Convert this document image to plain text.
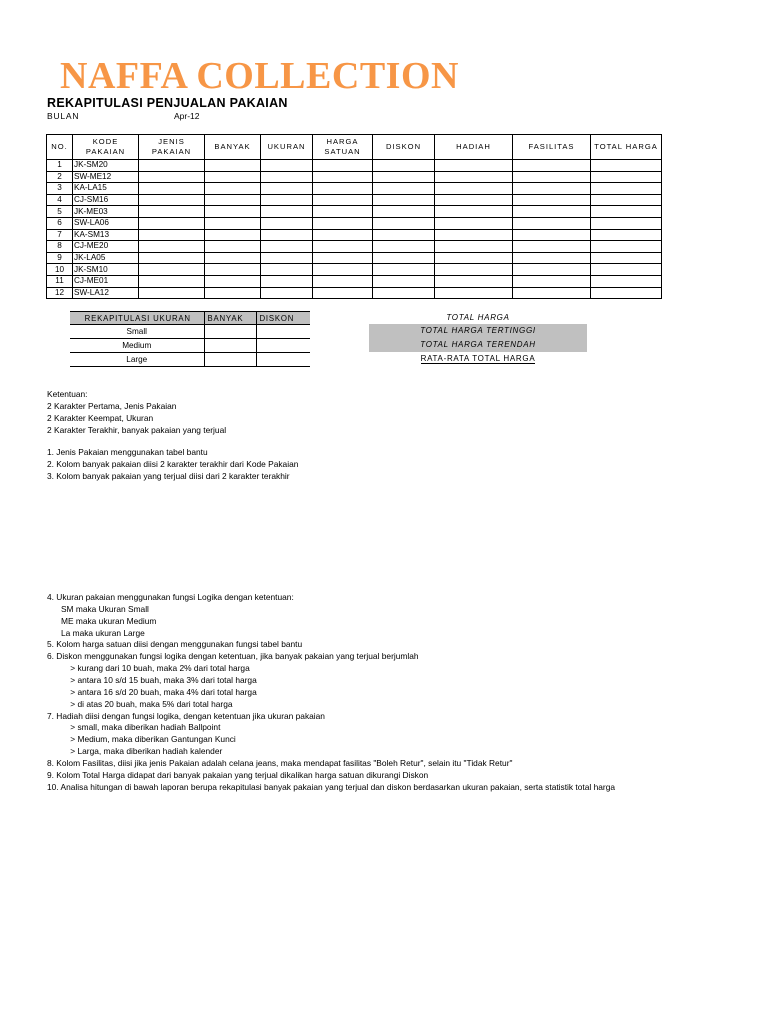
NAFFA COLLECTION
REKAPITULASI PENJUALAN PAKAIAN
BULAN	Apr-12
NO.	KODE PAKAIAN	JENIS PAKAIAN	BANYAK	UKURAN	HARGA SATUAN	DISKON	HADIAH	FASILITAS	TOTAL HARGA
1	JK-SM20								
2	SW-ME12								
3	KA-LA15								
4	CJ-SM16								
5	JK-ME03								
6	SW-LA06								
7	KA-SM13								
8	CJ-ME20								
9	JK-LA05								
10	JK-SM10								
11	CJ-ME01								
12	SW-LA12								
REKAPITULASI UKURAN	BANYAK	DISKON
Small		
Medium		
Large		
TOTAL HARGA
TOTAL HARGA TERTINGGI
TOTAL HARGA TERENDAH
RATA-RATA TOTAL HARGA
Ketentuan:
2 Karakter Pertama, Jenis Pakaian
2 Karakter Keempat, Ukuran
2 Karakter Terakhir, banyak pakaian yang terjual
1. Jenis Pakaian menggunakan tabel bantu
2. Kolom banyak pakaian diisi 2 karakter terakhir dari Kode Pakaian
3. Kolom banyak pakaian yang terjual diisi dari 2 karakter terakhir
4. Ukuran pakaian menggunakan fungsi Logika dengan ketentuan:
SM maka Ukuran Small
ME maka ukuran Medium
La maka ukuran Large
5. Kolom harga satuan diisi dengan menggunakan fungsi tabel bantu
6. Diskon menggunakan fungsi logika dengan ketentuan, jika banyak pakaian yang terjual berjumlah
> kurang dari 10 buah, maka 2% dari total harga
> antara 10 s/d 15 buah, maka 3% dari total harga
> antara 16 s/d 20 buah, maka 4% dari total harga
> di atas 20 buah, maka 5% dari total harga
7. Hadiah diisi dengan fungsi logika, dengan ketentuan jika ukuran pakaian
> small, maka diberikan hadiah Ballpoint
> Medium, maka diberikan Gantungan Kunci
> Larga, maka diberikan hadiah kalender
8. Kolom Fasilitas, diisi jika jenis Pakaian adalah celana jeans, maka mendapat fasilitas "Boleh Retur", selain itu "Tidak Retur"
9. Kolom Total Harga didapat dari banyak pakaian yang terjual dikalikan harga satuan dikurangi Diskon
10. Analisa hitungan di bawah laporan berupa rekapitulasi banyak pakaian yang terjual dan diskon berdasarkan ukuran pakaian, serta statistik total harga
